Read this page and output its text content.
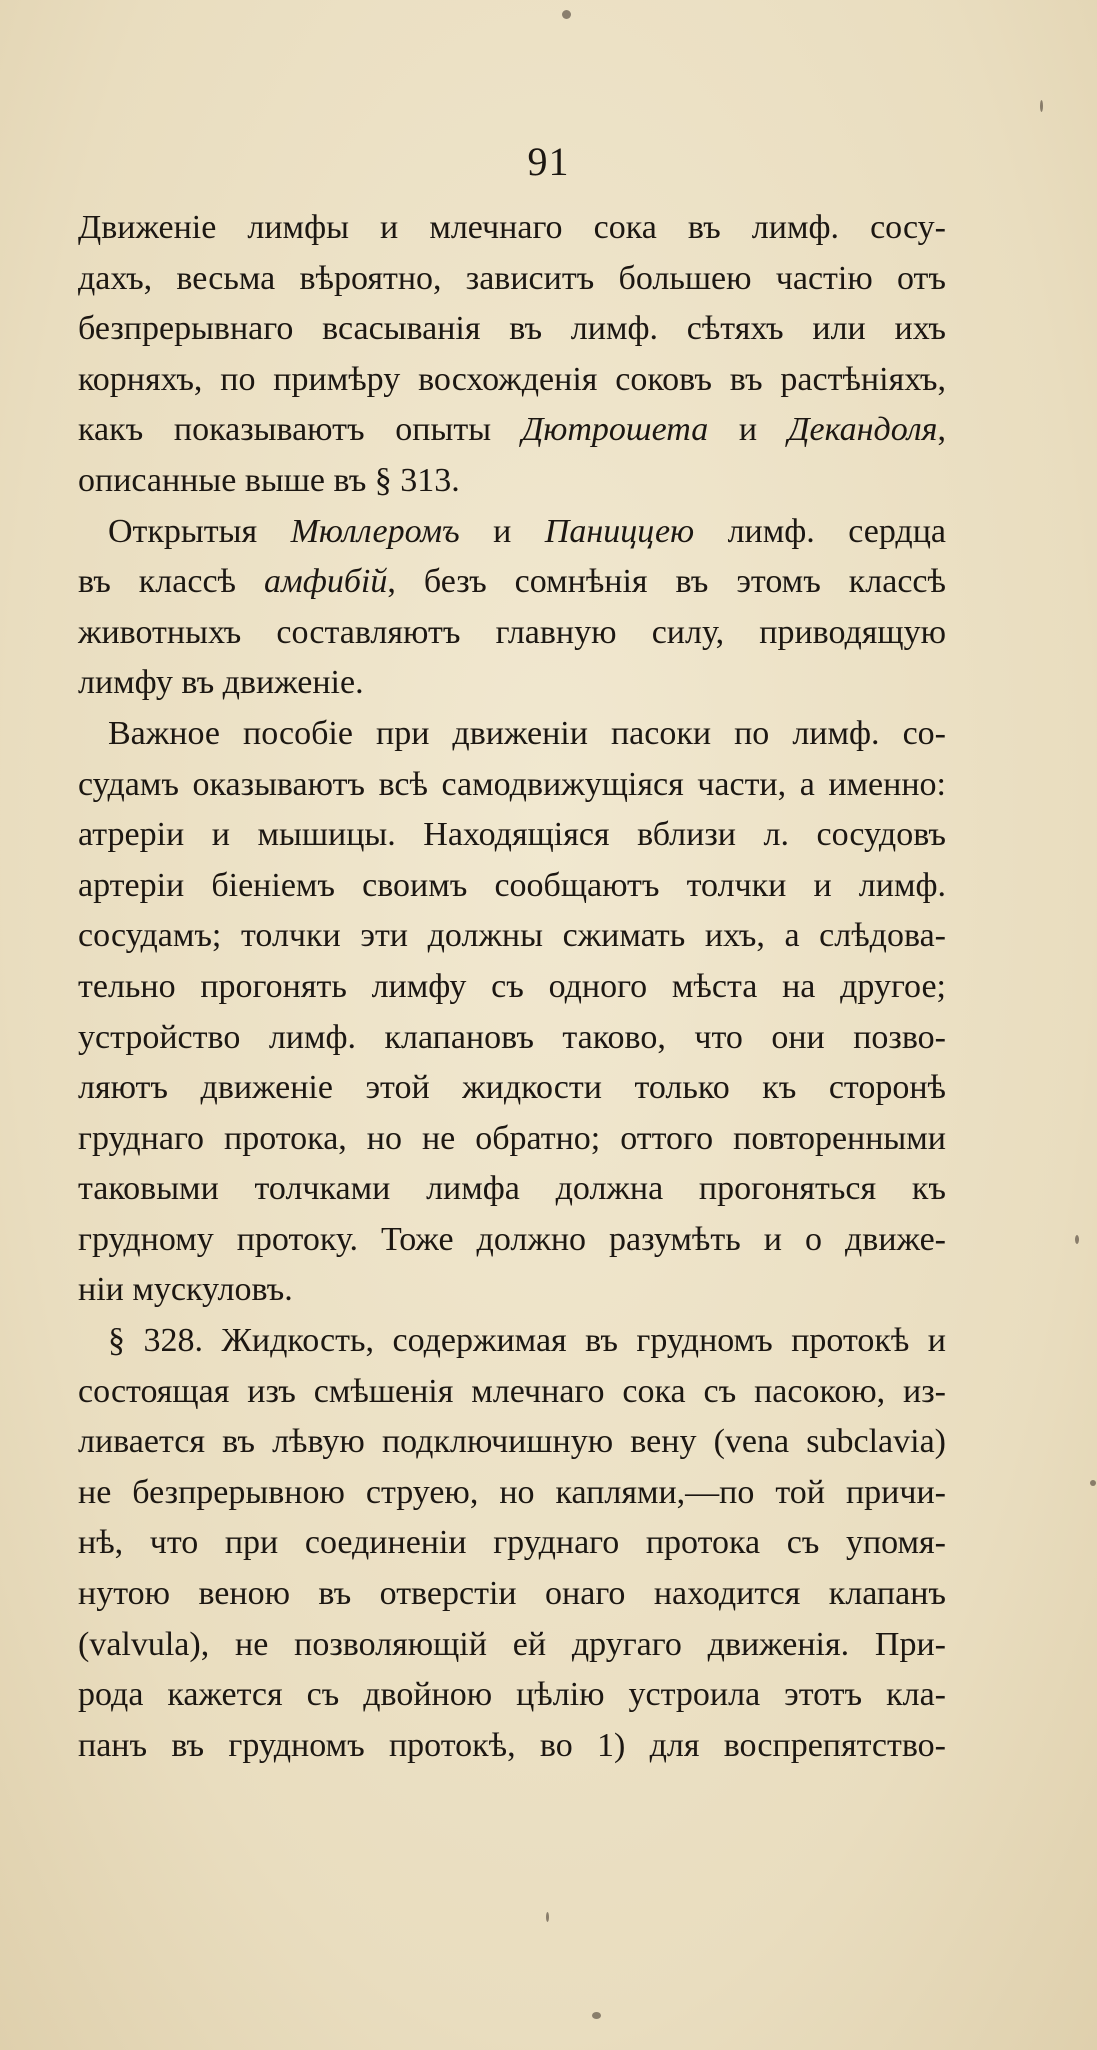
91
Движеніе лимфы и млечнаго сока въ лимф. сосу-
дахъ, весьма вѣроятно, зависитъ большею частію отъ
безпрерывнаго всасыванія въ лимф. сѣтяхъ или ихъ
корняхъ, по примѣру восхожденія соковъ въ растѣніяхъ,
какъ показываютъ опыты Дютрошета и Декандоля,
описанные выше въ § 313.
Открытыя Мюллеромъ и Паниццею лимф. сердца
въ классѣ амфибій, безъ сомнѣнія въ этомъ классѣ
животныхъ составляютъ главную силу, приводящую
лимфу въ движеніе.
Важное пособіе при движеніи пасоки по лимф. со-
судамъ оказываютъ всѣ самодвижущіяся части, а именно:
атреріи и мышицы. Находящіяся вблизи л. сосудовъ
артеріи біеніемъ своимъ сообщаютъ толчки и лимф.
сосудамъ; толчки эти должны сжимать ихъ, а слѣдова-
тельно прогонять лимфу съ одного мѣста на другое;
устройство лимф. клапановъ таково, что они позво-
ляютъ движеніе этой жидкости только къ сторонѣ
груднаго протока, но не обратно; оттого повторенными
таковыми толчками лимфа должна прогоняться къ
грудному протоку. Тоже должно разумѣть и о движе-
ніи мускуловъ.
§ 328. Жидкость, содержимая въ грудномъ протокѣ и
состоящая изъ смѣшенія млечнаго сока съ пасокою, из-
ливается въ лѣвую подключишную вену (vena subclavia)
не безпрерывною струею, но каплями,—по той причи-
нѣ, что при соединеніи груднаго протока съ упомя-
нутою веною въ отверстіи онаго находится клапанъ
(valvula), не позволяющій ей другаго движенія. При-
рода кажется съ двойною цѣлію устроила этотъ кла-
панъ въ грудномъ протокѣ, во 1) для воспрепятство-
